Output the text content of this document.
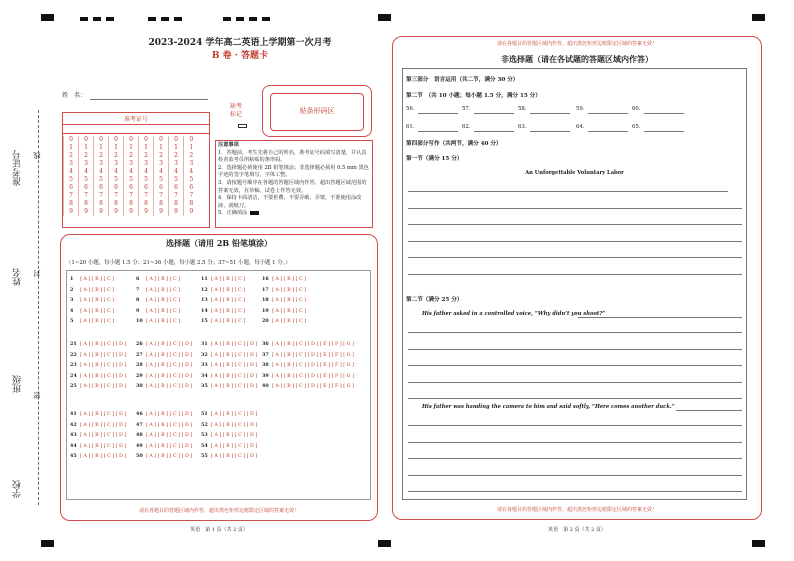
准考证号
姓名
班级
学校
线
封
密
2023-2024 学年高二英语上学期第一次月考
B 卷 · 答题卡
姓　名：
缺考
标记	贴条形码区
准考证号
0	0	0	0	0	0	0	0	0
1	1	1	1	1	1	1	1	1
2	2	2	2	2	2	2	2	2
3	3	3	3	3	3	3	3	3
4	4	4	4	4	4	4	4	4
5	5	5	5	5	5	5	5	5
6	6	6	6	6	6	6	6	6
7	7	7	7	7	7	7	7	7
8	8	8	8	8	8	8	8	8
9	9	9	9	9	9	9	9	9
注意事项
1．答题前，考生先将自己的姓名，准考证号码填写清楚，并认真检查监考员所粘贴的条形码。
2．选择题必须使用 2B 铅笔填涂；非选择题必须用 0.5 mm 黑色字迹的签字笔填写，字体工整。
3．请按题号顺序在各题的答题区域内作答，超出答题区域范围的答案无效，在草稿、试卷上作答无效。
4．保持卡面清洁，不要折叠，不要弄破、弄皱，不准使用涂改液、刮纸刀。
5．正确填涂
选择题（请用 2B 铅笔填涂）
（1~20 小题，每小题 1.5 分；21~36 小题，每小题 2.5 分；37~51 小题，每小题 1 分。）
1 [ A ] [ B ] [ C ]	6 [ A ] [ B ] [ C ]	11 [ A ] [ B ] [ C ]	16 [ A ] [ B ] [ C ]
2 [ A ] [ B ] [ C ]	7 [ A ] [ B ] [ C ]	12 [ A ] [ B ] [ C ]	17 [ A ] [ B ] [ C ]
3 [ A ] [ B ] [ C ]	8 [ A ] [ B ] [ C ]	13 [ A ] [ B ] [ C ]	18 [ A ] [ B ] [ C ]
4 [ A ] [ B ] [ C ]	9 [ A ] [ B ] [ C ]	14 [ A ] [ B ] [ C ]	19 [ A ] [ B ] [ C ]
5 [ A ] [ B ] [ C ]	10 [ A ] [ B ] [ C ]	15 [ A ] [ B ] [ C ]	20 [ A ] [ B ] [ C ]
21 [ A ] [ B ] [ C ] [ D ] 26 [ A ] [ B ] [ C ] [ D ] 31 [ A ] [ B ] [ C ] [ D ] 36 [ A ] [ B ] [ C ] [ D ] [ E ] [ F ] [ G ]
22 [ A ] [ B ] [ C ] [ D ] 27 [ A ] [ B ] [ C ] [ D ] 32 [ A ] [ B ] [ C ] [ D ] 37 [ A ] [ B ] [ C ] [ D ] [ E ] [ F ] [ G ]
23 [ A ] [ B ] [ C ] [ D ] 28 [ A ] [ B ] [ C ] [ D ] 33 [ A ] [ B ] [ C ] [ D ] 38 [ A ] [ B ] [ C ] [ D ] [ E ] [ F ] [ G ]
24 [ A ] [ B ] [ C ] [ D ] 29 [ A ] [ B ] [ C ] [ D ] 34 [ A ] [ B ] [ C ] [ D ] 39 [ A ] [ B ] [ C ] [ D ] [ E ] [ F ] [ G ]
25 [ A ] [ B ] [ C ] [ D ] 30 [ A ] [ B ] [ C ] [ D ] 35 [ A ] [ B ] [ C ] [ D ] 40 [ A ] [ B ] [ C ] [ D ] [ E ] [ F ] [ G ]
41 [ A ] [ B ] [ C ] [ D ] 46 [ A ] [ B ] [ C ] [ D ] 51 [ A ] [ B ] [ C ] [ D ]
42 [ A ] [ B ] [ C ] [ D ] 47 [ A ] [ B ] [ C ] [ D ] 52 [ A ] [ B ] [ C ] [ D ]
43 [ A ] [ B ] [ C ] [ D ] 48 [ A ] [ B ] [ C ] [ D ] 53 [ A ] [ B ] [ C ] [ D ]
44 [ A ] [ B ] [ C ] [ D ] 49 [ A ] [ B ] [ C ] [ D ] 54 [ A ] [ B ] [ C ] [ D ]
45 [ A ] [ B ] [ C ] [ D ] 50 [ A ] [ B ] [ C ] [ D ] 55 [ A ] [ B ] [ C ] [ D ]
请在各题目的答题区域内作答，超出黑色矩形边框限定区域的答案无效！
英语　第 1 页（共 2 页）
请在各题目的答题区域内作答，超出黑色矩形边框限定区域的答案无效！
非选择题（请在各试题的答题区域内作答）
第三部分　语言运用（共二节，满分 30 分）
第二节　（共 10 小题；每小题 1.5 分，满分 15 分）
56.	57.	58.	59.	60.
61.	62.	63.	64.	65.
第四部分写作（共两节，满分 40 分）
第一节（满分 15 分）
An Unforgettable Voluntary Labor
第二节（满分 25 分）
His father asked in a controlled voice, “Why didn’t you shoot?”
His father was handing the camera to him and said softly, “Here comes another duck.”
请在各题目的答题区域内作答，超出黑色矩形边框限定区域的答案无效！
英语　第 2 页（共 2 页）
